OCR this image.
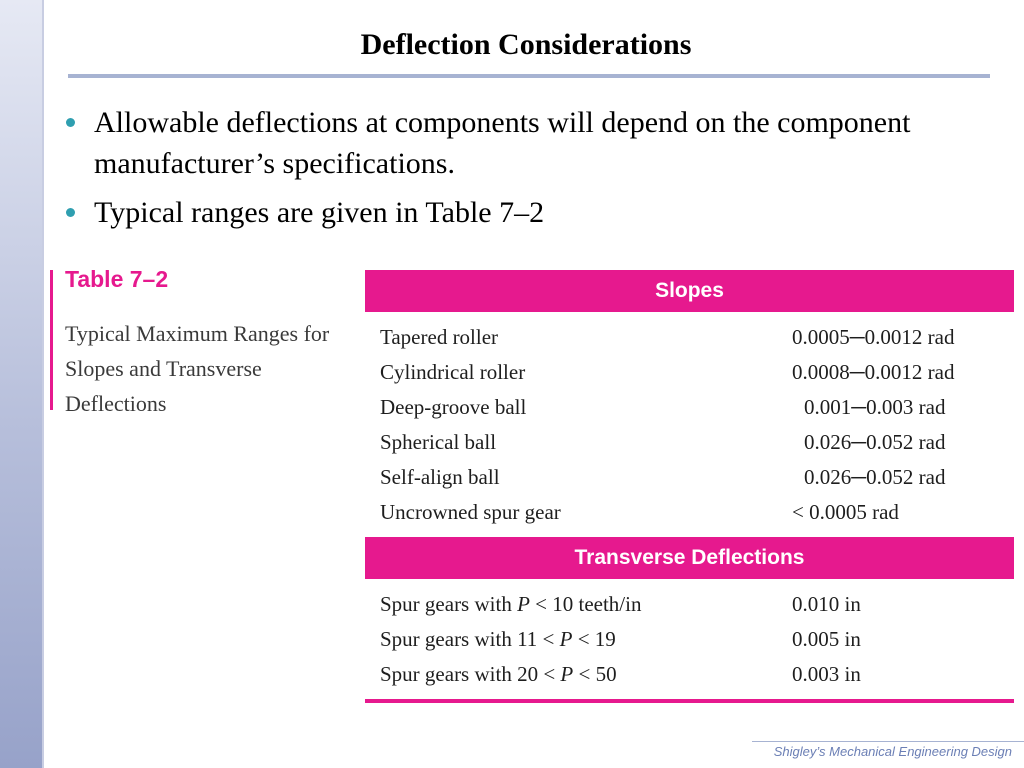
Deflection Considerations
Allowable deflections at components will depend on the component manufacturer’s specifications.
Typical ranges are given in Table 7–2
Table 7–2
Typical Maximum Ranges for Slopes and Transverse Deflections
Slopes
Tapered roller	0.0005─0.0012 rad
Cylindrical roller	0.0008─0.0012 rad
Deep-groove ball	0.001─0.003 rad
Spherical ball	0.026─0.052 rad
Self-align ball	0.026─0.052 rad
Uncrowned spur gear	< 0.0005 rad
Transverse Deflections
Spur gears with P < 10 teeth/in	0.010 in
Spur gears with 11 < P < 19	0.005 in
Spur gears with 20 < P < 50	0.003 in
Shigley’s Mechanical Engineering Design
